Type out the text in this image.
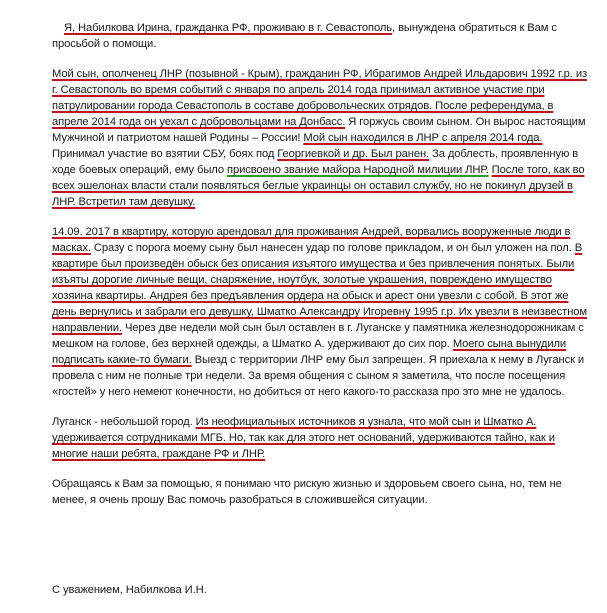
Я, Набилкова Ирина, гражданка РФ, проживаю в г. Севастополь, вынуждена обратиться к Вам с просьбой о помощи.

Мой сын, ополченец ЛНР (позывной - Крым), гражданин РФ, Ибрагимов Андрей Ильдарович 1992 г.р. из г. Севастополь во время событий с января по апрель 2014 года принимал активное участие при патрулировании города Севастополь в составе добровольческих отрядов. После референдума, в апреле 2014 года он уехал с добровольцами на Донбасс. Я горжусь своим сыном. Он вырос настоящим Мужчиной и патриотом нашей Родины – России! Мой сын находился в ЛНР с апреля 2014 года. Принимал участие во взятии СБУ, боях под Георгиевкой и др. Был ранен. За доблесть, проявленную в ходе боевых операций, ему было присвоено звание майора Народной милиции ЛНР. После того, как во всех эшелонах власти стали появляться беглые украинцы он оставил службу, но не покинул друзей в ЛНР. Встретил там девушку.

14.09. 2017 в квартиру, которую арендовал для проживания Андрей, ворвались вооруженные люди в масках. Сразу с порога моему сыну был нанесен удар по голове прикладом, и он был уложен на пол. В квартире был произведён обыск без описания изъятого имущества и без привлечения понятых. Были изъяты дорогие личные вещи, снаряжение, ноутбук, золотые украшения, повреждено имущество хозяина квартиры. Андрея без предъявления ордера на обыск и арест они увезли с собой. В этот же день вернулись и забрали его девушку, Шматко Александру Игоревну 1995 г.р. Их увезли в неизвестном направлении. Через две недели мой сын был оставлен в г. Луганске у памятника железнодорожникам с мешком на голове, без верхней одежды, а Шматко А. удерживают до сих пор. Моего сына вынудили подписать какие-то бумаги. Выезд с территории ЛНР ему был запрещен. Я приехала к нему в Луганск и провела с ним не полные три недели. За время общения с сыном я заметила, что после посещения «гостей» у него немеют конечности, но добиться от него какого-то рассказа про это мне не удалось.

Луганск - небольшой город. Из неофициальных источников я узнала, что мой сын и Шматко А. удерживается сотрудниками МГБ. Но, так как для этого нет оснований, удерживаются тайно, как и многие наши ребята, граждане РФ и ЛНР.

Обращаясь к Вам за помощью, я понимаю что рискую жизнью и здоровьем своего сына, но, тем не менее, я очень прошу Вас помочь разобраться в сложившейся ситуации.

С уважением, Набилкова И.Н.
